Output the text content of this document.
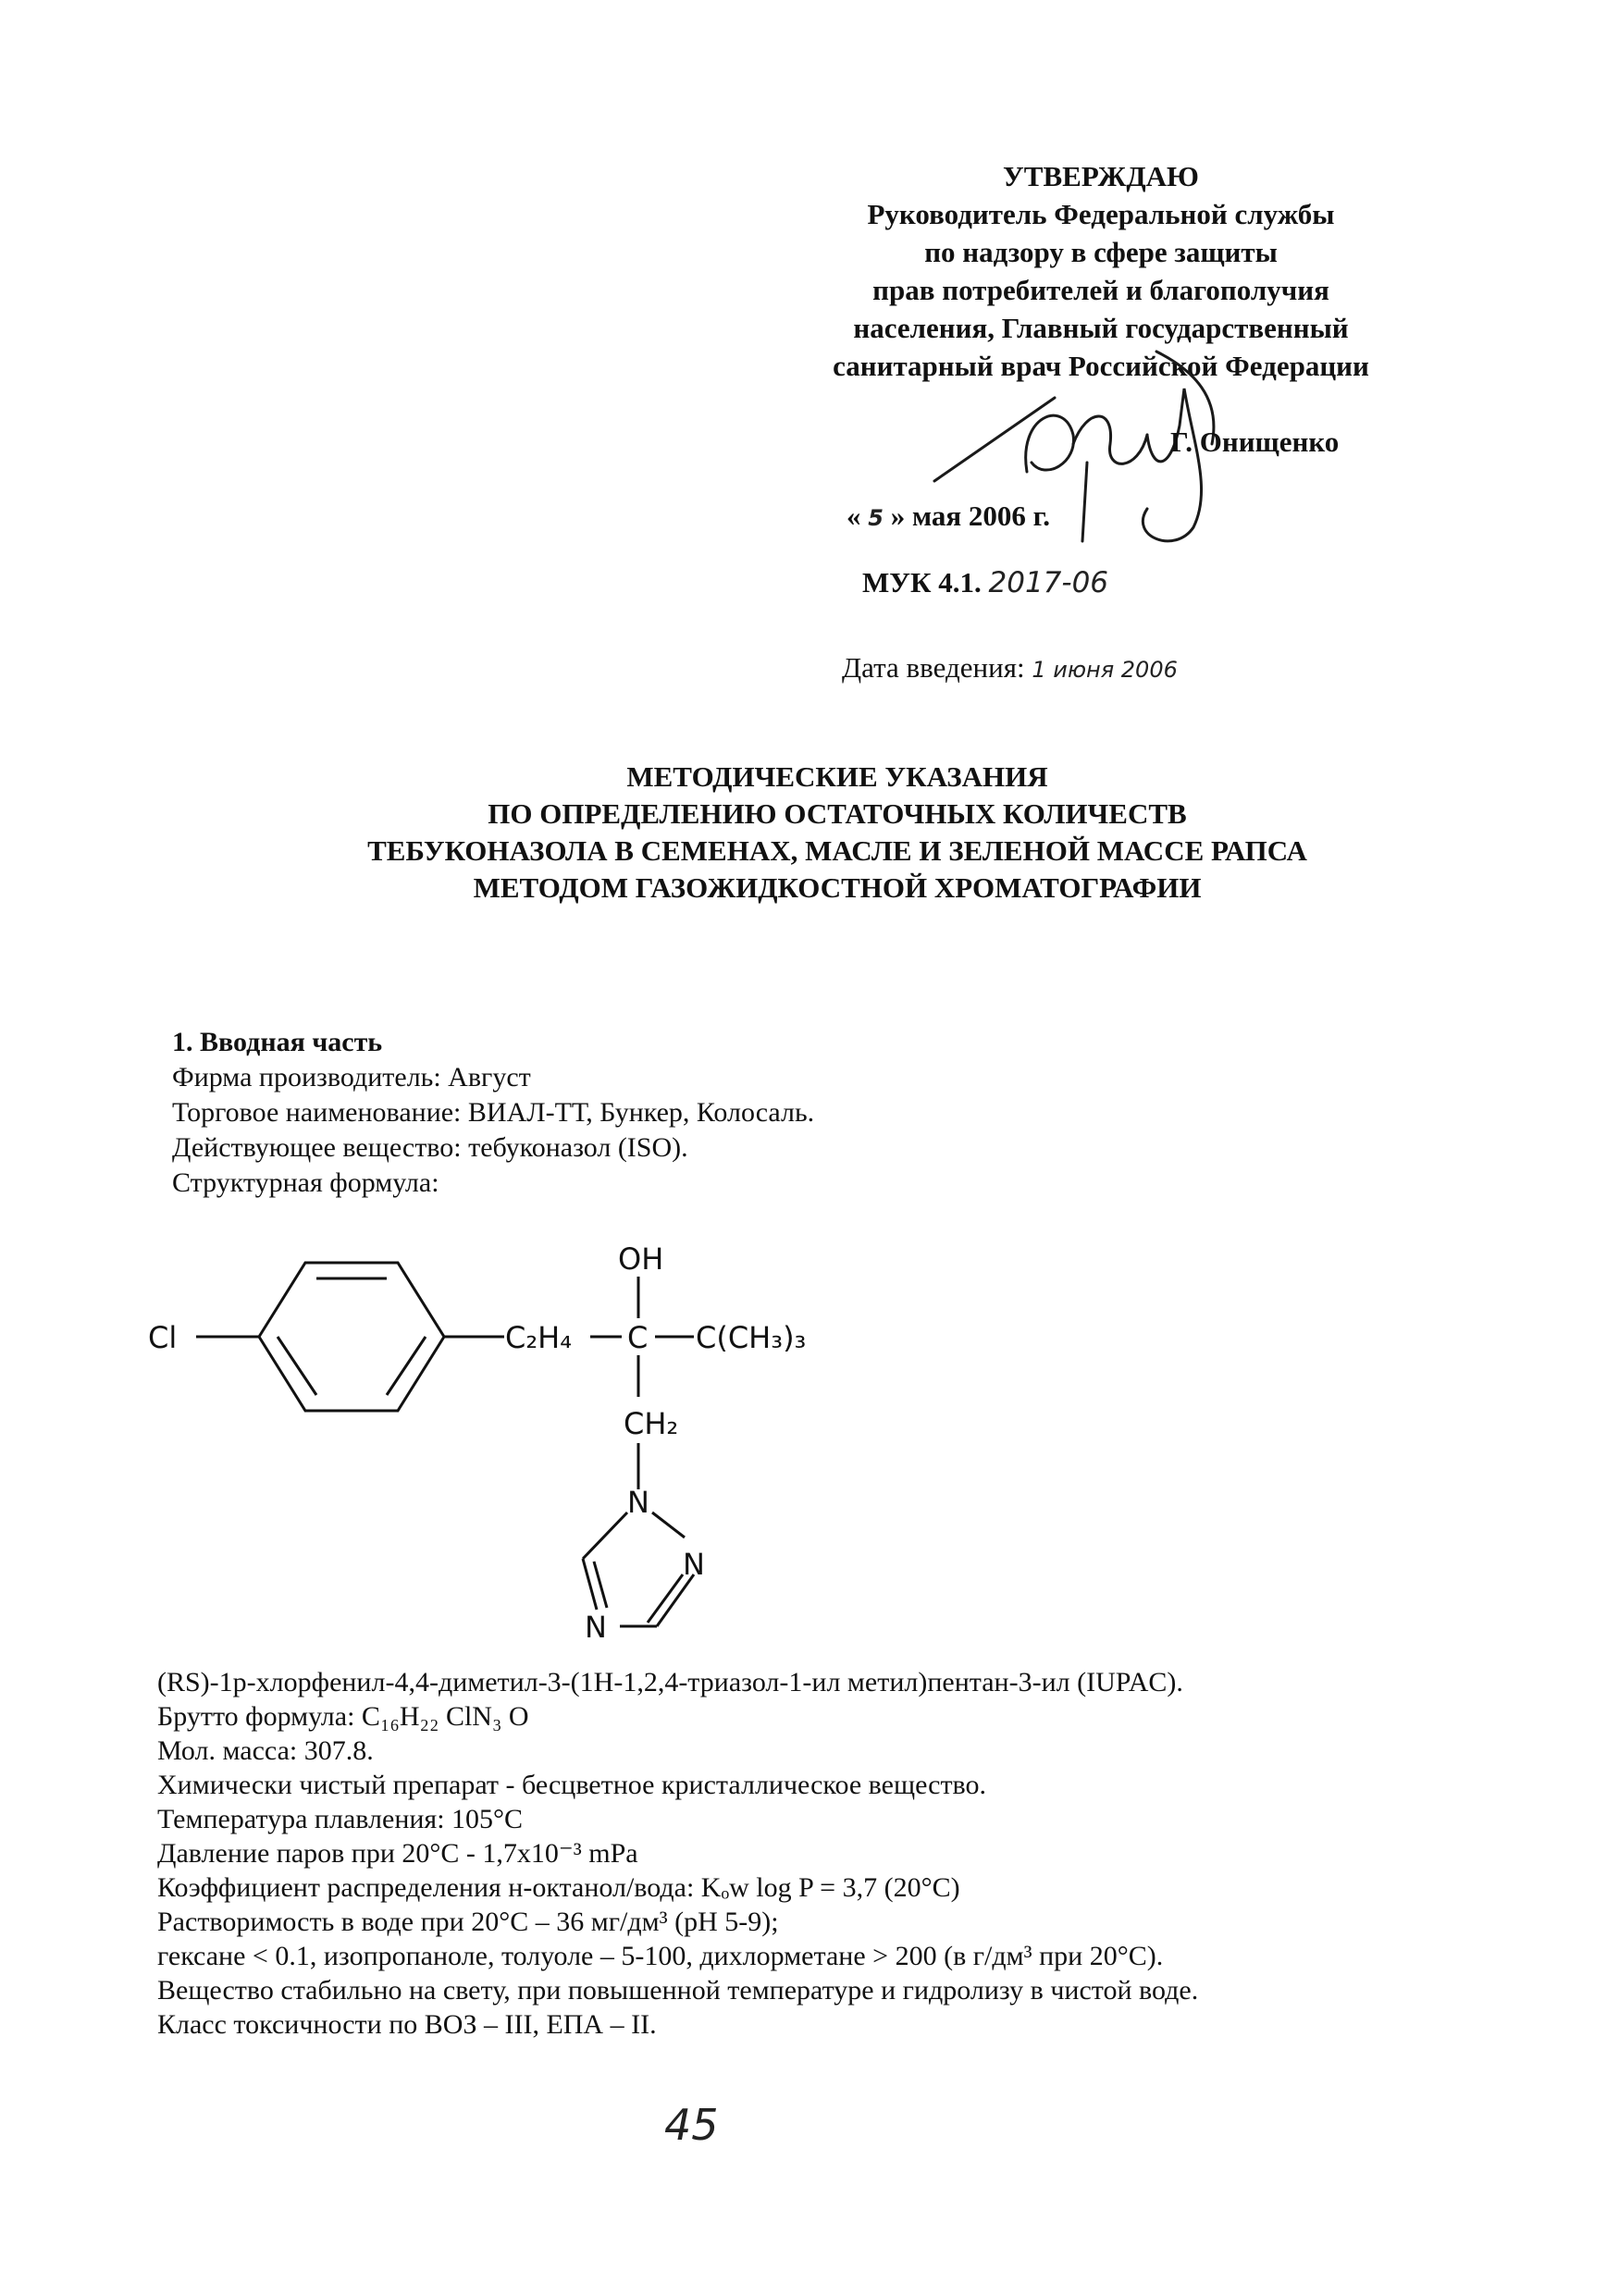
УТВЕРЖДАЮ
Руководитель Федеральной службы
по надзору в сфере защиты
прав потребителей и благополучия
населения, Главный государственный
санитарный врач Российской Федерации
Г. Онищенко
« 5 » мая 2006 г.
МУК 4.1. 2017-06
Дата введения: 1 июня 2006
МЕТОДИЧЕСКИЕ УКАЗАНИЯ
ПО ОПРЕДЕЛЕНИЮ ОСТАТОЧНЫХ КОЛИЧЕСТВ
ТЕБУКОНАЗОЛА В СЕМЕНАХ, МАСЛЕ И ЗЕЛЕНОЙ МАССЕ РАПСА
МЕТОДОМ ГАЗОЖИДКОСТНОЙ ХРОМАТОГРАФИИ
1. Вводная часть
Фирма производитель: Август
Торговое наименование: ВИАЛ-ТТ, Бункер, Колосаль.
Действующее вещество: тебуконазол (ISO).
Структурная формула:
Cl
OH
C₂H₄ C C(CH₃)₃
CH₂
N
N
N
(RS)-1p-хлорфенил-4,4-диметил-3-(1H-1,2,4-триазол-1-ил метил)пентан-3-ил (IUPAC).
Брутто формула: C₁₆H₂₂ ClN₃ O
Мол. масса: 307.8.
Химически чистый препарат - бесцветное кристаллическое вещество.
Температура плавления: 105°C
Давление паров при 20°C - 1,7x10⁻³ mPa
Коэффициент распределения н-октанол/вода: Kₒw log P = 3,7 (20°C)
Растворимость в воде при 20°C – 36 мг/дм³ (pH 5-9);
гексане < 0.1, изопропаноле, толуоле – 5-100, дихлорметане > 200 (в г/дм³ при 20°C).
Вещество стабильно на свету, при повышенной температуре и гидролизу в чистой воде.
Класс токсичности по ВОЗ – III, ЕПА – II.
45
